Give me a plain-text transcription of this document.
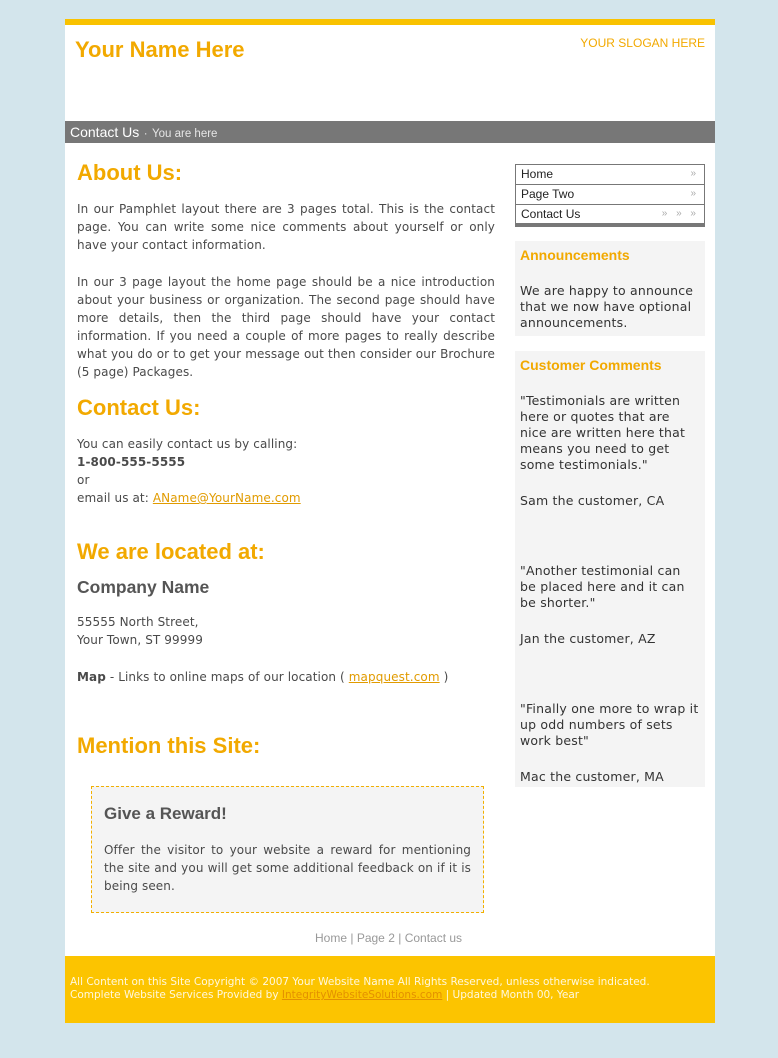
Your Name Here	YOUR SLOGAN HERE
Contact Us · You are here
About Us:

In our Pamphlet layout there are 3 pages total. This is the contact page. You can write some nice comments about yourself or only have your contact information.

In our 3 page layout the home page should be a nice introduction about your business or organization. The second page should have more details, then the third page should have your contact information. If you need a couple of more pages to really describe what you do or to get your message out then consider our Brochure (5 page) Packages.

Contact Us:

You can easily contact us by calling:

1-800-555-5555

or

email us at: AName@YourName.com

We are located at:
Company Name

55555 North Street,

Your Town, ST 99999

Map - Links to online maps of our location ( mapquest.com )

Mention this Site:
Give a Reward!

Offer the visitor to your website a reward for mentioning the site and you will get some additional feedback on if it is being seen.

Home	»
Page Two	»
Contact Us	» » »
Announcements

We are happy to announce that we now have optional announcements.

Customer Comments

"Testimonials are written here or quotes that are nice are written here that means you need to get some testimonials."

Sam the customer, CA

"Another testimonial can be placed here and it can be shorter."

Jan the customer, AZ

"Finally one more to wrap it up odd numbers of sets work best"

Mac the customer, MA

Home | Page 2 | Contact us
All Content on this Site Copyright © 2007 Your Website Name All Rights Reserved, unless otherwise indicated.
Complete Website Services Provided by IntegrityWebsiteSolutions.com | Updated Month 00, Year
